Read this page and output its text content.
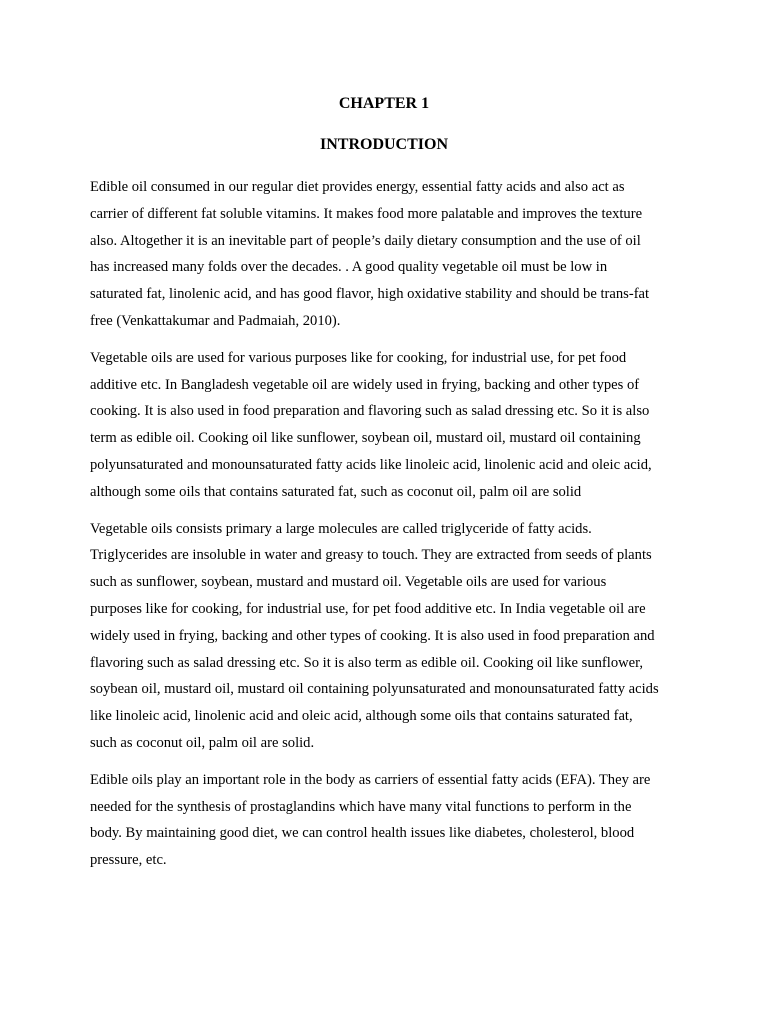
CHAPTER 1
INTRODUCTION

Edible oil consumed in our regular diet provides energy, essential fatty acids and also act as
carrier of different fat soluble vitamins. It makes food more palatable and improves the texture
also. Altogether it is an inevitable part of people’s daily dietary consumption and the use of oil
has increased many folds over the decades. . A good quality vegetable oil must be low in
saturated fat, linolenic acid, and has good flavor, high oxidative stability and should be trans-fat
free (Venkattakumar and Padmaiah, 2010).

Vegetable oils are used for various purposes like for cooking, for industrial use, for pet food
additive etc. In Bangladesh vegetable oil are widely used in frying, backing and other types of
cooking. It is also used in food preparation and flavoring such as salad dressing etc. So it is also
term as edible oil. Cooking oil like sunflower, soybean oil, mustard oil, mustard oil containing
polyunsaturated and monounsaturated fatty acids like linoleic acid, linolenic acid and oleic acid,
although some oils that contains saturated fat, such as coconut oil, palm oil are solid

Vegetable oils consists primary a large molecules are called triglyceride of fatty acids.
Triglycerides are insoluble in water and greasy to touch. They are extracted from seeds of plants
such as sunflower, soybean, mustard and mustard oil. Vegetable oils are used for various
purposes like for cooking, for industrial use, for pet food additive etc. In India vegetable oil are
widely used in frying, backing and other types of cooking. It is also used in food preparation and
flavoring such as salad dressing etc. So it is also term as edible oil. Cooking oil like sunflower,
soybean oil, mustard oil, mustard oil containing polyunsaturated and monounsaturated fatty acids
like linoleic acid, linolenic acid and oleic acid, although some oils that contains saturated fat,
such as coconut oil, palm oil are solid.

Edible oils play an important role in the body as carriers of essential fatty acids (EFA). They are
needed for the synthesis of prostaglandins which have many vital functions to perform in the
body. By maintaining good diet, we can control health issues like diabetes, cholesterol, blood
pressure, etc.
